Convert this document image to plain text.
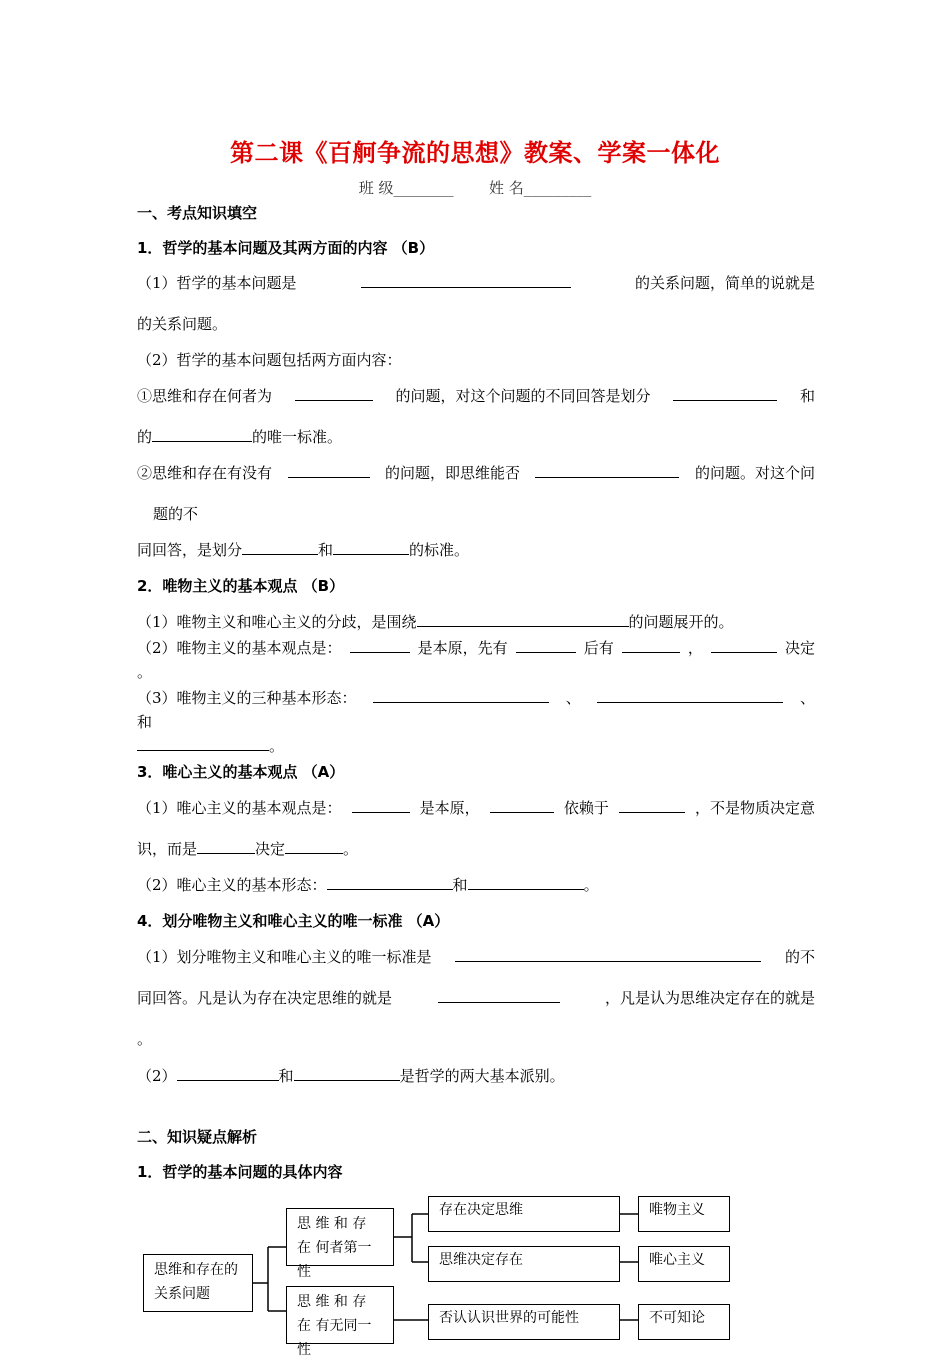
第二课《百舸争流的思想》教案、学案一体化
班 级________ 姓 名_________
一、考点知识填空
1．哲学的基本问题及其两方面的内容 （B）
（1）哲学的基本问题是	的关系问题，简单的说就是
的关系问题。
（2）哲学的基本问题包括两方面内容：
①思维和存在何者为	的问题，对这个问题的不同回答是划分	和
的	的唯一标准。
②思维和存在有没有	的问题，即思维能否	的问题。对这个问
题的不
同回答，是划分	和	的标准。
2．唯物主义的基本观点 （B）
（1）唯物主义和唯心主义的分歧，是围绕	的问题展开的。
（2）唯物主义的基本观点是：	是本原，先有	后有	，	决定
。
（3）唯物主义的三种基本形态：	、	、
和
。
3．唯心主义的基本观点 （A）
（1）唯心主义的基本观点是：	是本原，	依赖于	，不是物质决定意
识，而是	决定	。
（2）唯心主义的基本形态：	和	。
4．划分唯物主义和唯心主义的唯一标准 （A）
（1）划分唯物主义和唯心主义的唯一标准是	的不
同回答。凡是认为存在决定思维的就是	，凡是认为思维决定存在的就是
。
（2）	和	是哲学的两大基本派别。
二、知识疑点解析
1．哲学的基本问题的具体内容
思维和存在的关系问题
思 维 和 存 在 何者第一性
思 维 和 存 在 有无同一性
存在决定思维
思维决定存在
否认认识世界的可能性
唯物主义
唯心主义
不可知论
